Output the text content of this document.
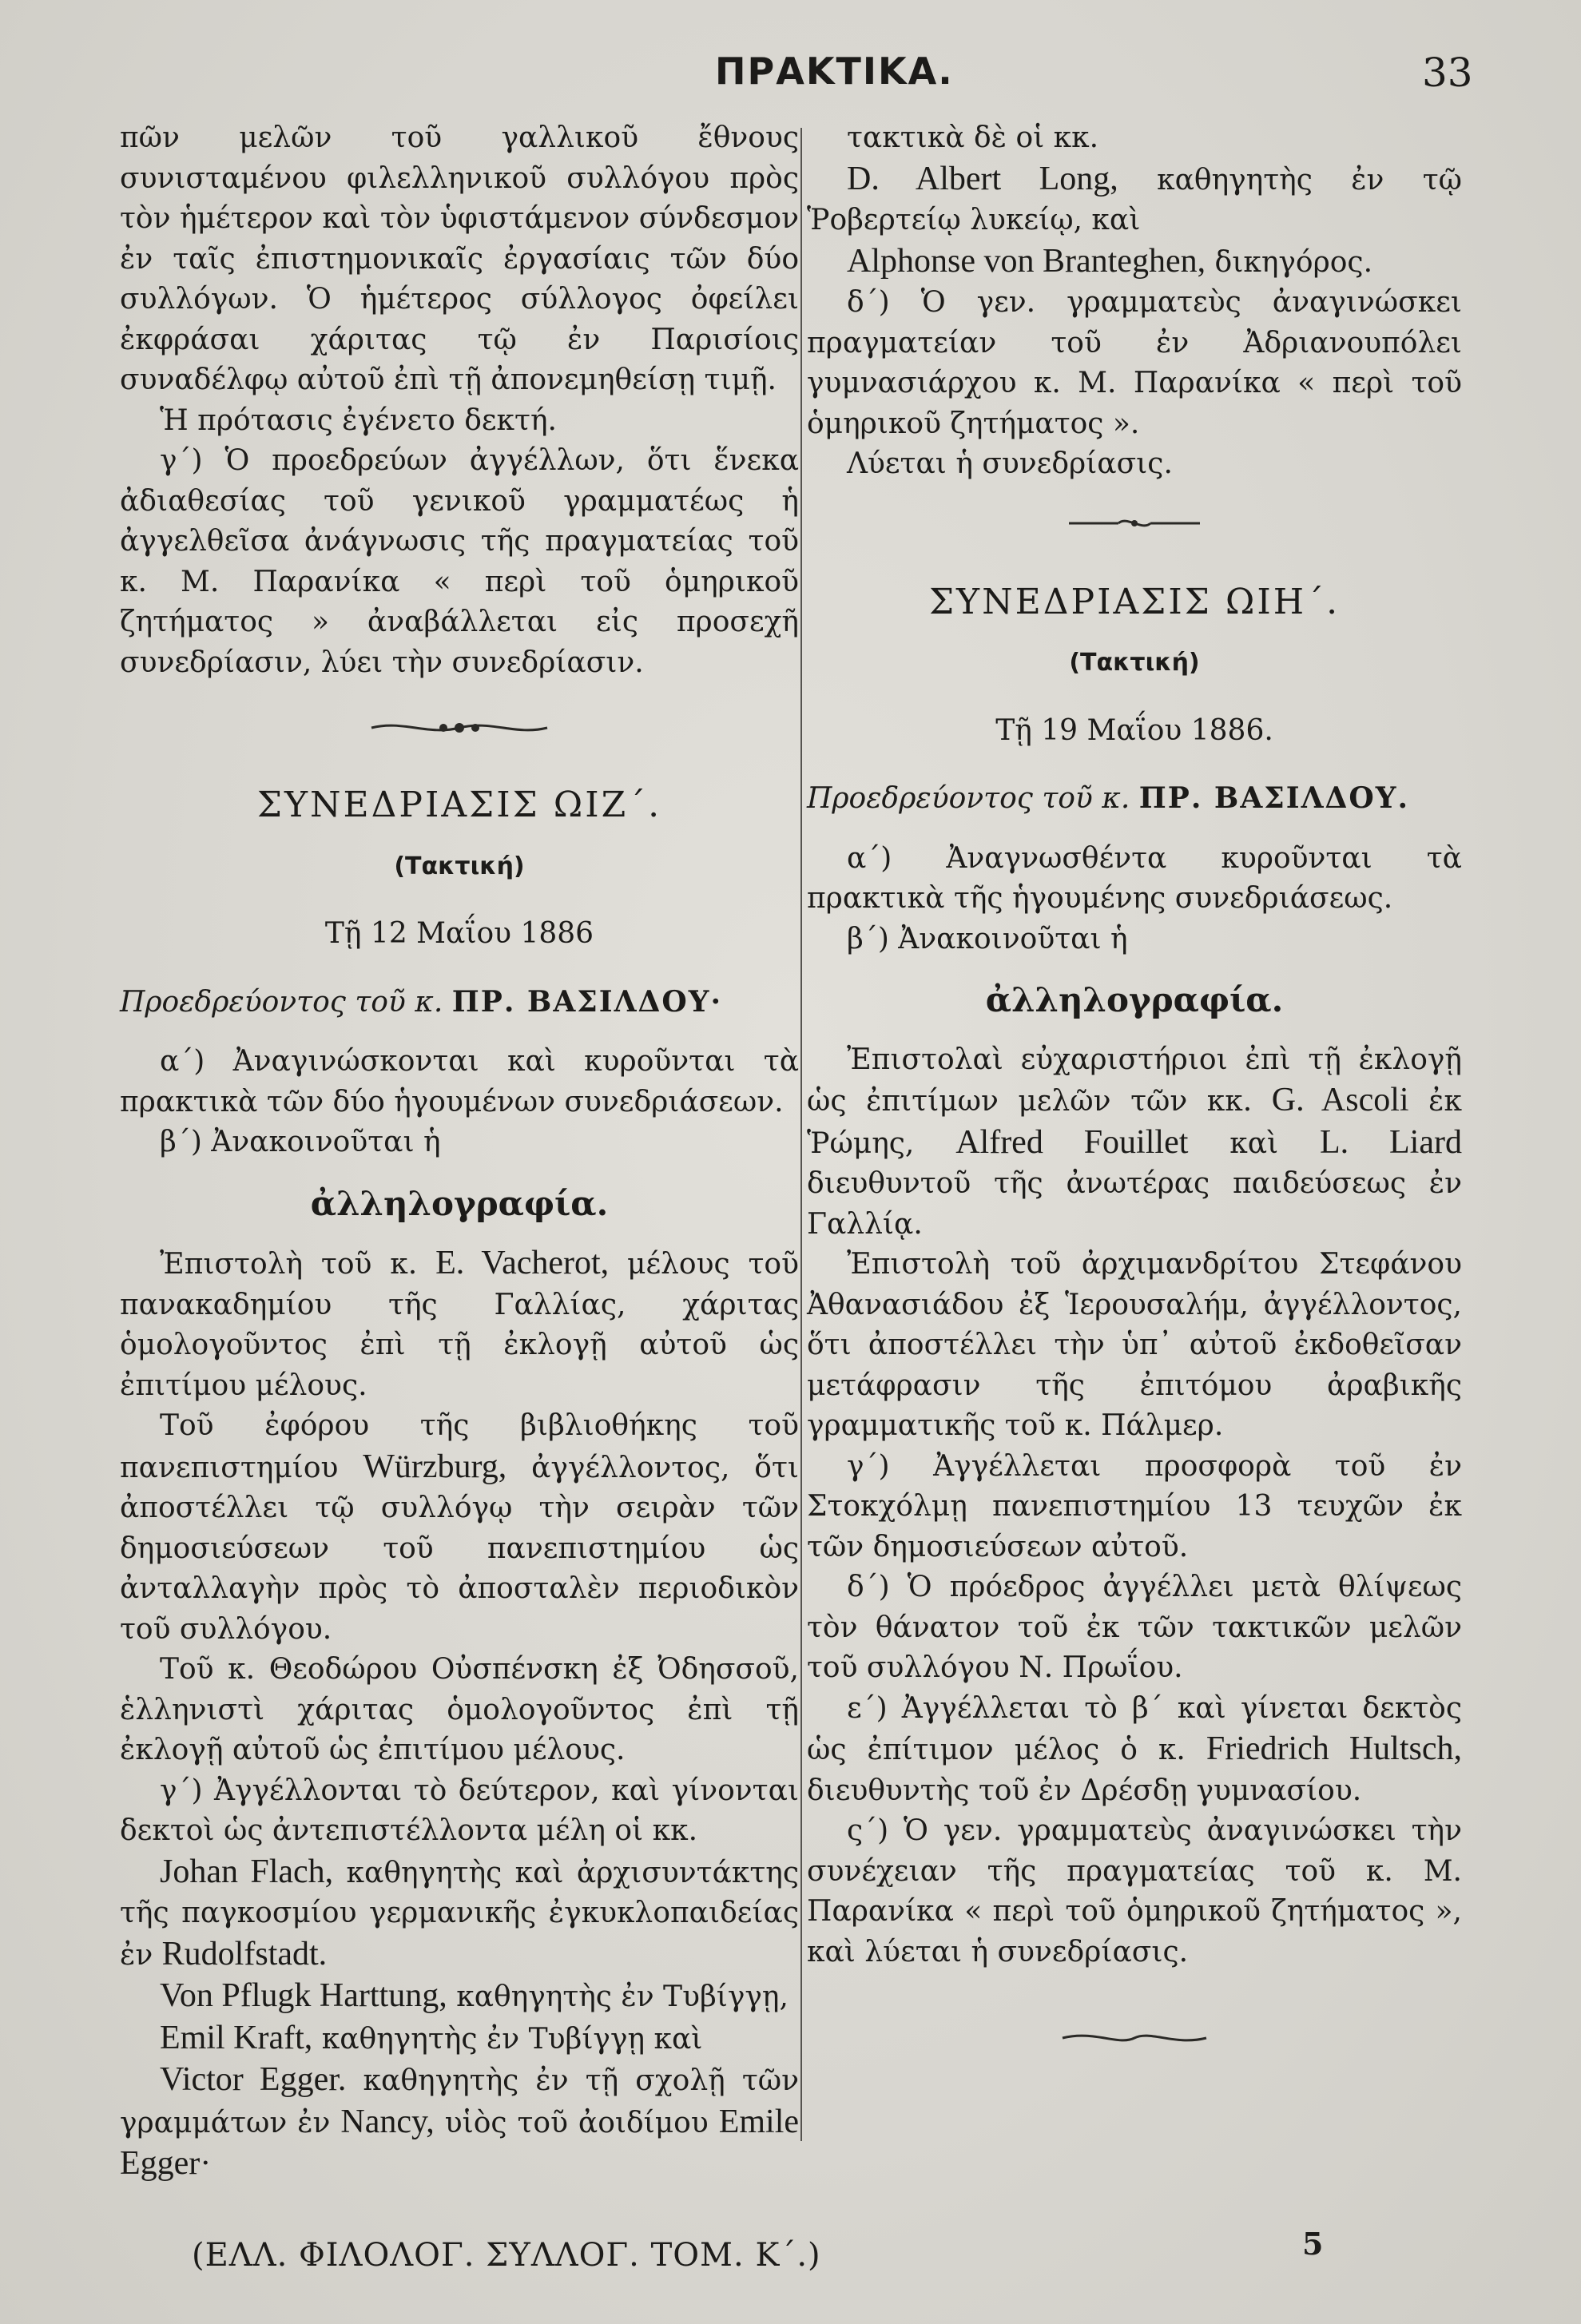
ΠΡΑΚΤΙΚΑ.	33

πῶν μελῶν τοῦ γαλλικοῦ ἔθνους συνισταμένου φιλελληνικοῦ συλλόγου πρὸς τὸν ἡμέτερον καὶ τὸν ὑφιστάμενον σύνδεσμον ἐν ταῖς ἐπιστημονικαῖς ἐργασίαις τῶν δύο συλλόγων. Ὁ ἡμέτερος σύλλογος ὀφείλει ἐκφράσαι χάριτας τῷ ἐν Παρισίοις συναδέλφῳ αὐτοῦ ἐπὶ τῇ ἀπονεμηθείσῃ τιμῇ.

Ἡ πρότασις ἐγένετο δεκτή.

γ΄) Ὁ προεδρεύων ἀγγέλλων, ὅτι ἕνεκα ἀδιαθεσίας τοῦ γενικοῦ γραμματέως ἡ ἀγγελθεῖσα ἀνάγνωσις τῆς πραγματείας τοῦ κ. Μ. Παρανίκα « περὶ τοῦ ὁμηρικοῦ ζητήματος » ἀναβάλλεται εἰς προσεχῆ συνεδρίασιν, λύει τὴν συνεδρίασιν.

ΣΥΝΕΔΡΙΑΣΙΣ ΩΙΖ΄.

(Τακτική)

Τῇ 12 Μαΐου 1886

Προεδρεύοντος τοῦ κ. ΠΡ. ΒΑΣΙΛΔΟΥ·

α΄) Ἀναγινώσκονται καὶ κυροῦνται τὰ πρακτικὰ τῶν δύο ἡγουμένων συνεδριάσεων.

β΄) Ἀνακοινοῦται ἡ

ἀλληλογραφία.

Ἐπιστολὴ τοῦ κ. E. Vacherot, μέλους τοῦ πανακαδημίου τῆς Γαλλίας, χάριτας ὁμολογοῦντος ἐπὶ τῇ ἐκλογῇ αὐτοῦ ὡς ἐπιτίμου μέλους.

Τοῦ ἐφόρου τῆς βιβλιοθήκης τοῦ πανεπιστημίου Würzburg, ἀγγέλλοντος, ὅτι ἀποστέλλει τῷ συλλόγῳ τὴν σειρὰν τῶν δημοσιεύσεων τοῦ πανεπιστημίου ὡς ἀνταλλαγὴν πρὸς τὸ ἀποσταλὲν περιοδικὸν τοῦ συλλόγου.

Τοῦ κ. Θεοδώρου Οὐσπένσκη ἐξ Ὀδησσοῦ, ἑλληνιστὶ χάριτας ὁμολογοῦντος ἐπὶ τῇ ἐκλογῇ αὐτοῦ ὡς ἐπιτίμου μέλους.

γ΄) Ἀγγέλλονται τὸ δεύτερον, καὶ γίνονται δεκτοὶ ὡς ἀντεπιστέλλοντα μέλη οἱ κκ.

Johan Flach, καθηγητὴς καὶ ἀρχισυντάκτης τῆς παγκοσμίου γερμανικῆς ἐγκυκλοπαιδείας ἐν Rudolfstadt.

Von Pflugk Harttung, καθηγητὴς ἐν Τυβίγγῃ,

Emil Kraft, καθηγητὴς ἐν Τυβίγγῃ καὶ

Victor Egger. καθηγητὴς ἐν τῇ σχολῇ τῶν γραμμάτων ἐν Nancy, υἱὸς τοῦ ἀοιδίμου Emile Egger·

τακτικὰ δὲ οἱ κκ.

D. Albert Long, καθηγητὴς ἐν τῷ Ῥοβερτείῳ λυκείῳ, καὶ

Alphonse von Branteghen, δικηγόρος.

δ΄) Ὁ γεν. γραμματεὺς ἀναγινώσκει πραγματείαν τοῦ ἐν Ἀδριανουπόλει γυμνασιάρχου κ. Μ. Παρανίκα « περὶ τοῦ ὁμηρικοῦ ζητήματος ».

Λύεται ἡ συνεδρίασις.

ΣΥΝΕΔΡΙΑΣΙΣ ΩΙΗ΄.

(Τακτική)

Τῇ 19 Μαΐου 1886.

Προεδρεύοντος τοῦ κ. ΠΡ. ΒΑΣΙΛΔΟΥ.

α΄) Ἀναγνωσθέντα κυροῦνται τὰ πρακτικὰ τῆς ἡγουμένης συνεδριάσεως.

β΄) Ἀνακοινοῦται ἡ

ἀλληλογραφία.

Ἐπιστολαὶ εὐχαριστήριοι ἐπὶ τῇ ἐκλογῇ ὡς ἐπιτίμων μελῶν τῶν κκ. G. Ascoli ἐκ Ῥώμης, Alfred Fouillet καὶ L. Liard διευθυντοῦ τῆς ἀνωτέρας παιδεύσεως ἐν Γαλλίᾳ.

Ἐπιστολὴ τοῦ ἀρχιμανδρίτου Στεφάνου Ἀθανασιάδου ἐξ Ἱερουσαλήμ, ἀγγέλλοντος, ὅτι ἀποστέλλει τὴν ὑπ᾽ αὐτοῦ ἐκδοθεῖσαν μετάφρασιν τῆς ἐπιτόμου ἀραβικῆς γραμματικῆς τοῦ κ. Πάλμερ.

γ΄) Ἀγγέλλεται προσφορὰ τοῦ ἐν Στοκχόλμῃ πανεπιστημίου 13 τευχῶν ἐκ τῶν δημοσιεύσεων αὐτοῦ.

δ΄) Ὁ πρόεδρος ἀγγέλλει μετὰ θλίψεως τὸν θάνατον τοῦ ἐκ τῶν τακτικῶν μελῶν τοῦ συλλόγου Ν. Πρωΐου.

ε΄) Ἀγγέλλεται τὸ β΄ καὶ γίνεται δεκτὸς ὡς ἐπίτιμον μέλος ὁ κ. Friedrich Hultsch, διευθυντὴς τοῦ ἐν Δρέσδῃ γυμνασίου.

ς΄) Ὁ γεν. γραμματεὺς ἀναγινώσκει τὴν συνέχειαν τῆς πραγματείας τοῦ κ. Μ. Παρανίκα « περὶ τοῦ ὁμηρικοῦ ζητήματος », καὶ λύεται ἡ συνεδρίασις.

(ΕΛΛ. ΦΙΛΟΛΟΓ. ΣΥΛΛΟΓ. ΤΟΜ. Κ΄.)	5
